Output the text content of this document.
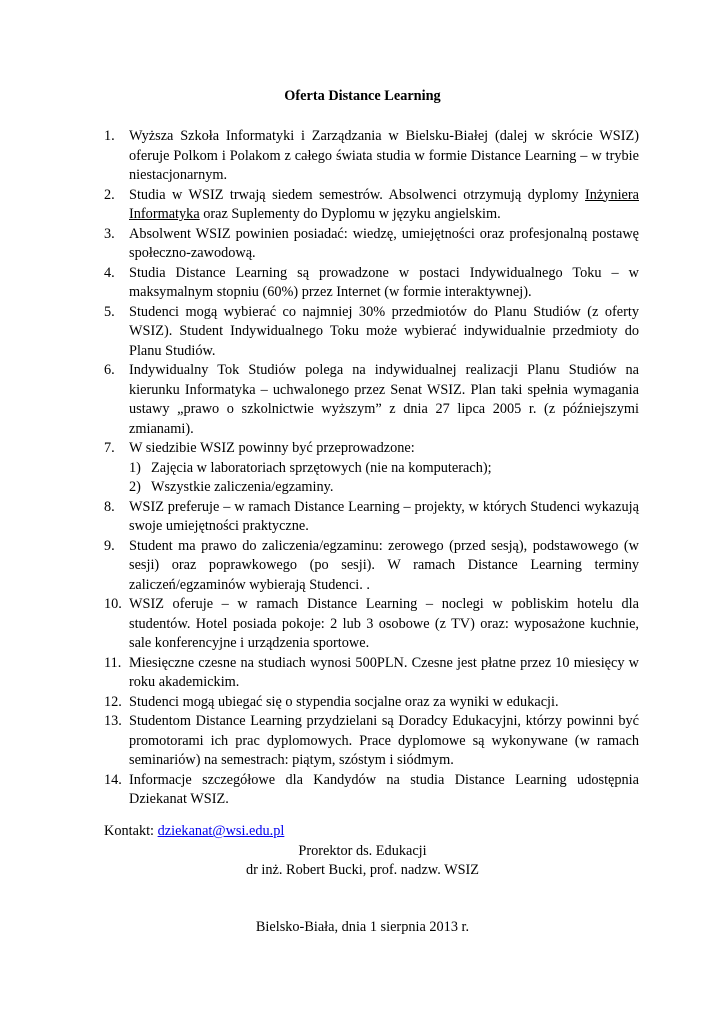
Oferta Distance Learning
1. Wyższa Szkoła Informatyki i Zarządzania w Bielsku-Białej (dalej w skrócie WSIZ) oferuje Polkom i Polakom z całego świata studia w formie Distance Learning – w trybie niestacjonarnym.
2. Studia w WSIZ trwają siedem semestrów. Absolwenci otrzymują dyplomy Inżyniera Informatyka oraz Suplementy do Dyplomu w języku angielskim.
3. Absolwent WSIZ powinien posiadać: wiedzę, umiejętności oraz profesjonalną postawę społeczno-zawodową.
4. Studia Distance Learning są prowadzone w postaci Indywidualnego Toku – w maksymalnym stopniu (60%) przez Internet (w formie interaktywnej).
5. Studenci mogą wybierać co najmniej 30% przedmiotów do Planu Studiów (z oferty WSIZ). Student Indywidualnego Toku może wybierać indywidualnie przedmioty do Planu Studiów.
6. Indywidualny Tok Studiów polega na indywidualnej realizacji Planu Studiów na kierunku Informatyka – uchwalonego przez Senat WSIZ. Plan taki spełnia wymagania ustawy „prawo o szkolnictwie wyższym” z dnia 27 lipca 2005 r. (z późniejszymi zmianami).
7. W siedzibie WSIZ powinny być przeprowadzone:
1) Zajęcia w laboratoriach sprzętowych (nie na komputerach);
2) Wszystkie zaliczenia/egzaminy.
8. WSIZ preferuje – w ramach Distance Learning – projekty, w których Studenci wykazują swoje umiejętności praktyczne.
9. Student ma prawo do zaliczenia/egzaminu: zerowego (przed sesją), podstawowego (w sesji) oraz poprawkowego (po sesji). W ramach Distance Learning terminy zaliczeń/egzaminów wybierają Studenci. .
10. WSIZ oferuje – w ramach Distance Learning – noclegi w pobliskim hotelu dla studentów. Hotel posiada pokoje: 2 lub 3 osobowe (z TV) oraz: wyposażone kuchnie, sale konferencyjne i urządzenia sportowe.
11. Miesięczne czesne na studiach wynosi 500PLN. Czesne jest płatne przez 10 miesięcy w roku akademickim.
12. Studenci mogą ubiegać się o stypendia socjalne oraz za wyniki w edukacji.
13. Studentom Distance Learning przydzielani są Doradcy Edukacyjni, którzy powinni być promotorami ich prac dyplomowych. Prace dyplomowe są wykonywane (w ramach seminariów) na semestrach: piątym, szóstym i siódmym.
14. Informacje szczegółowe dla Kandydów na studia Distance Learning udostępnia Dziekanat WSIZ.
Kontakt: dziekanat@wsi.edu.pl
Prorektor ds. Edukacji
dr inż. Robert Bucki, prof. nadzw. WSIZ
Bielsko-Biała, dnia 1 sierpnia 2013 r.
